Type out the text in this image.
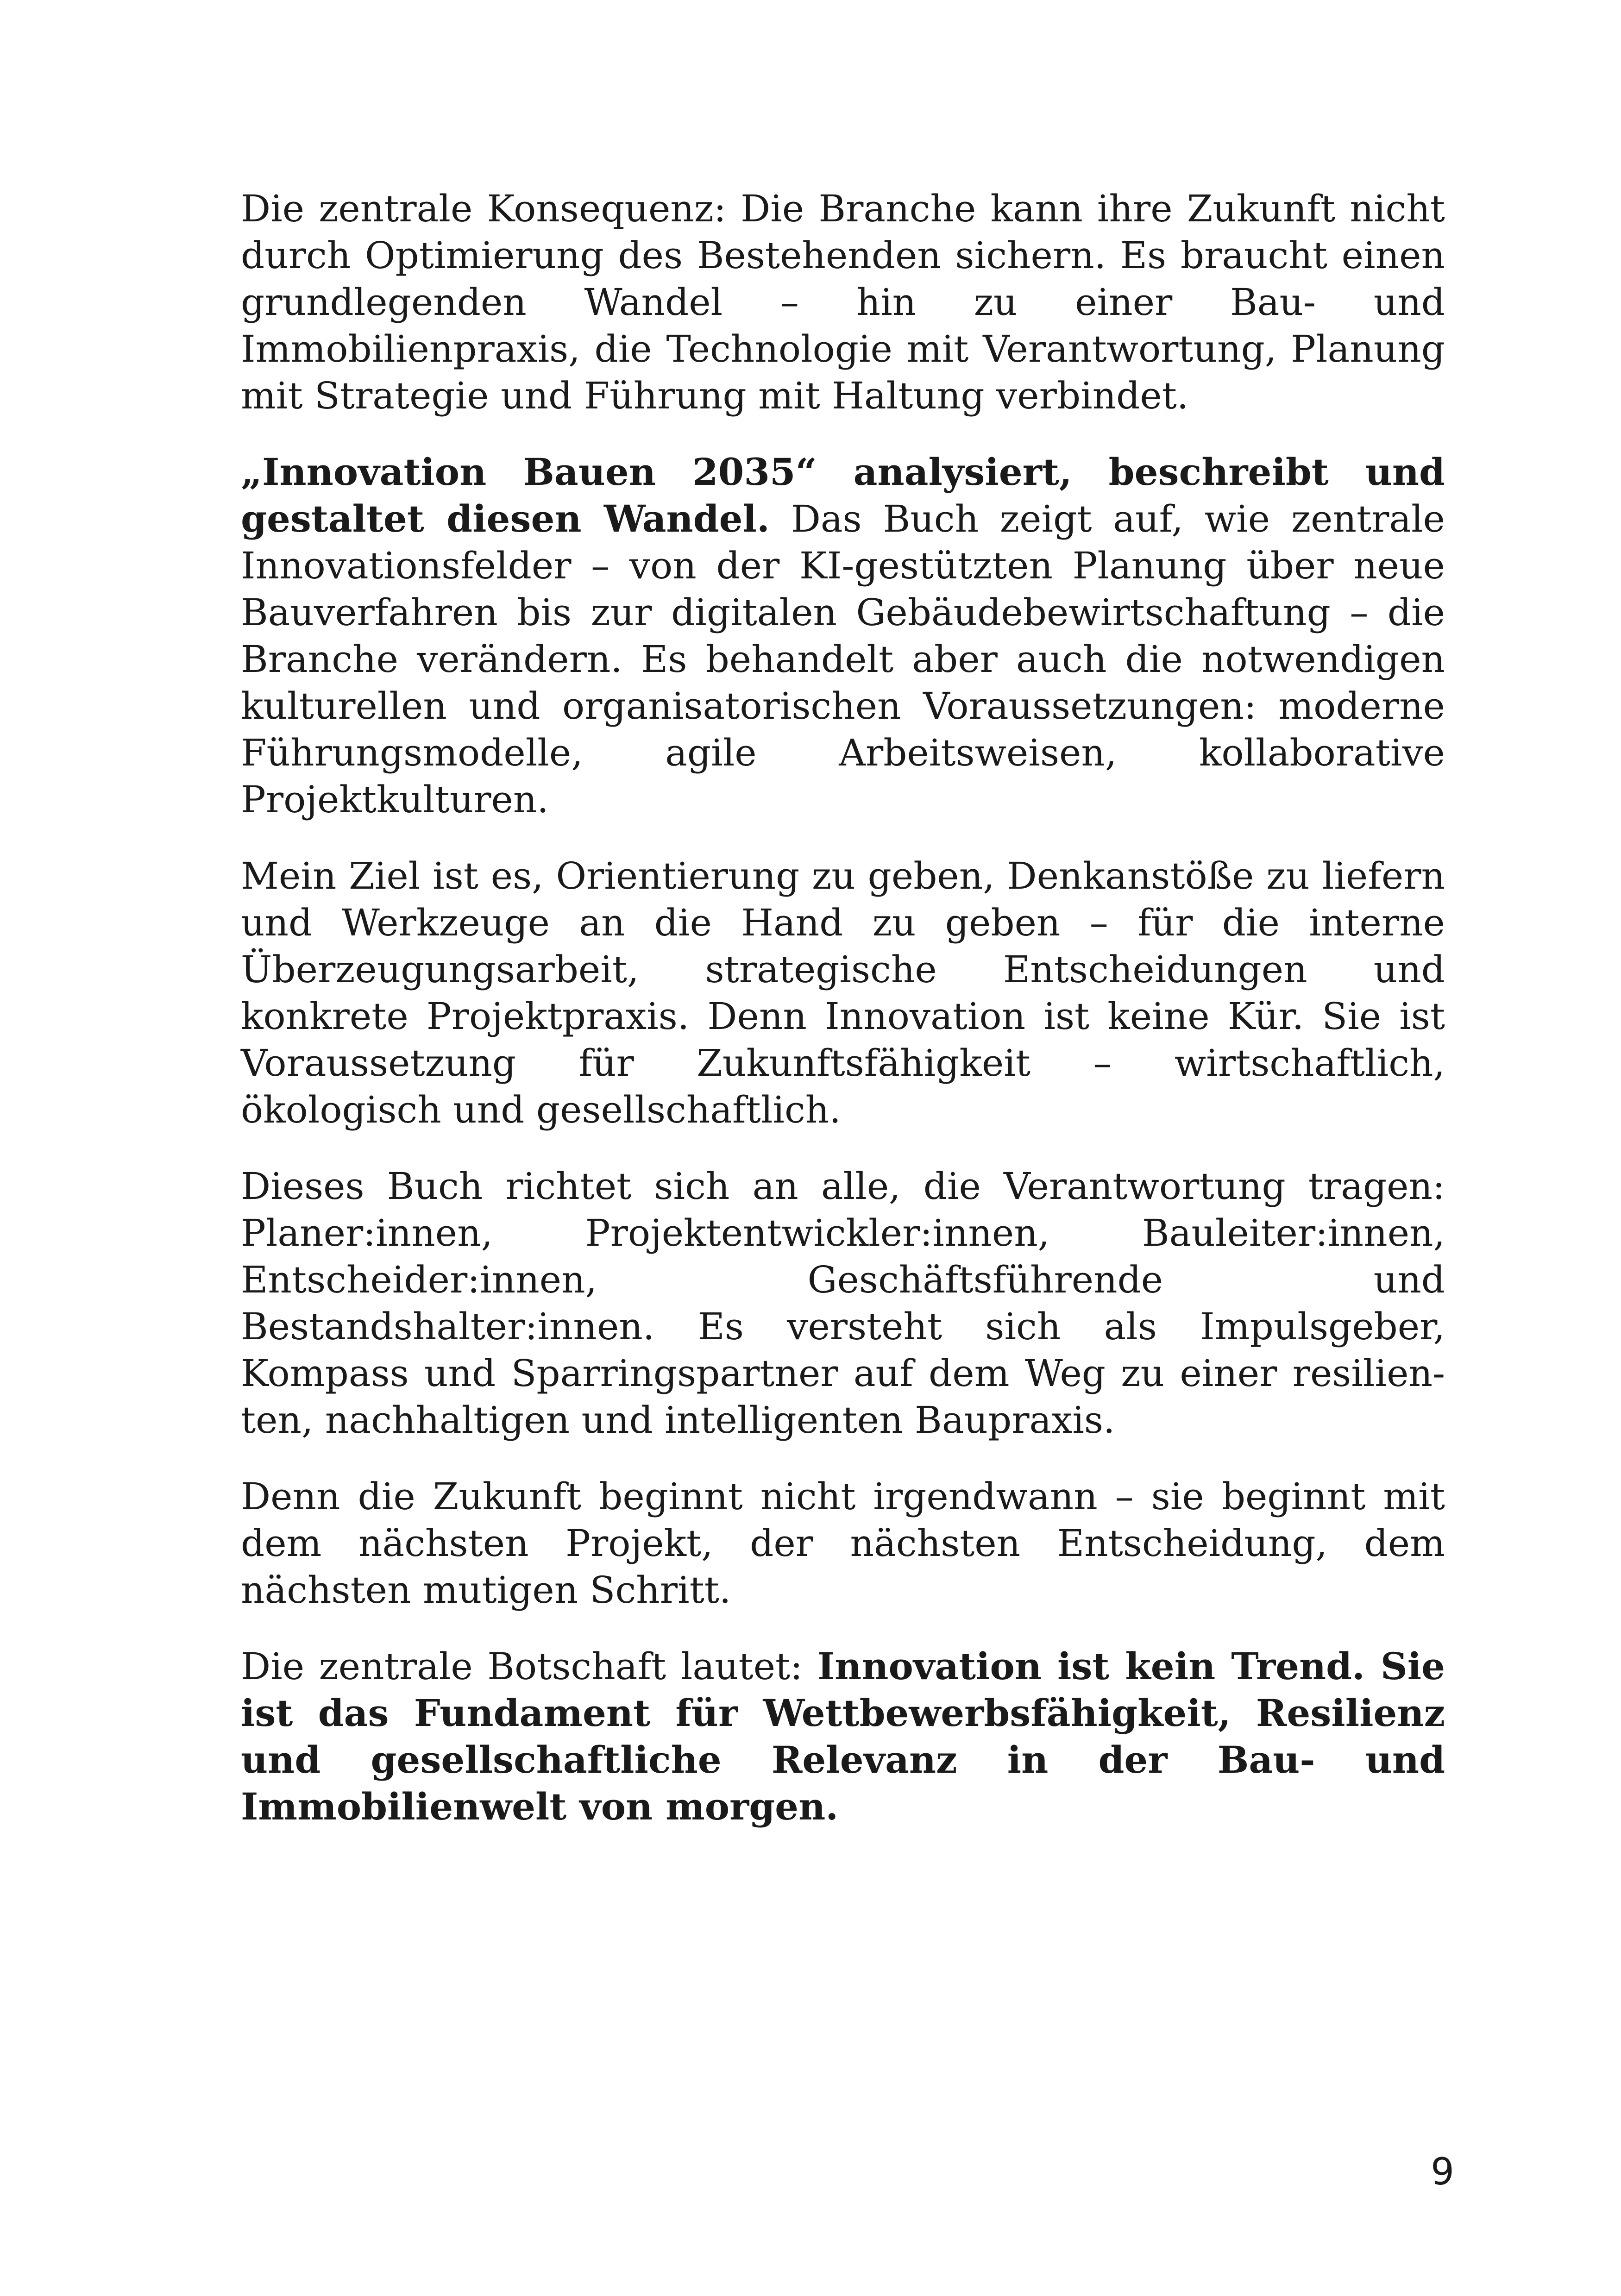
Die zentrale Konsequenz: Die Branche kann ihre Zukunft nicht durch Optimierung des Bestehenden sichern. Es braucht einen grundlegenden Wandel – hin zu einer Bau- und Immobilienpraxis, die Technologie mit Verantwortung, Planung mit Strategie und Führung mit Haltung verbindet.

„Innovation Bauen 2035“ analysiert, beschreibt und gestaltet diesen Wandel. Das Buch zeigt auf, wie zentrale Innovationsfelder – von der KI-gestützten Planung über neue Bauverfahren bis zur digitalen Gebäudebewirtschaftung – die Branche verändern. Es behandelt aber auch die notwendigen kulturellen und organisatorischen Voraussetzungen: moderne Führungsmodelle, agile Arbeitsweisen, kollaborative Projektkulturen.

Mein Ziel ist es, Orientierung zu geben, Denkanstöße zu liefern und Werkzeuge an die Hand zu geben – für die interne Überzeugungsarbeit, strategische Entscheidungen und konkrete Projektpraxis. Denn Innovation ist keine Kür. Sie ist Voraussetzung für Zukunftsfähigkeit – wirtschaftlich, ökologisch und gesellschaftlich.

Dieses Buch richtet sich an alle, die Verantwortung tragen: Planer:innen, Projektentwickler:innen, Bauleiter:innen, Entscheider:innen, Geschäftsführende und Bestandshalter:innen. Es versteht sich als Impulsgeber, Kompass und Sparringspartner auf dem Weg zu einer resilienten, nachhaltigen und intelligenten Baupraxis.

Denn die Zukunft beginnt nicht irgendwann – sie beginnt mit dem nächsten Projekt, der nächsten Entscheidung, dem nächsten mutigen Schritt.

Die zentrale Botschaft lautet: Innovation ist kein Trend. Sie ist das Fundament für Wettbewerbsfähigkeit, Resilienz und gesellschaftliche Relevanz in der Bau- und Immobilienwelt von morgen.

9
